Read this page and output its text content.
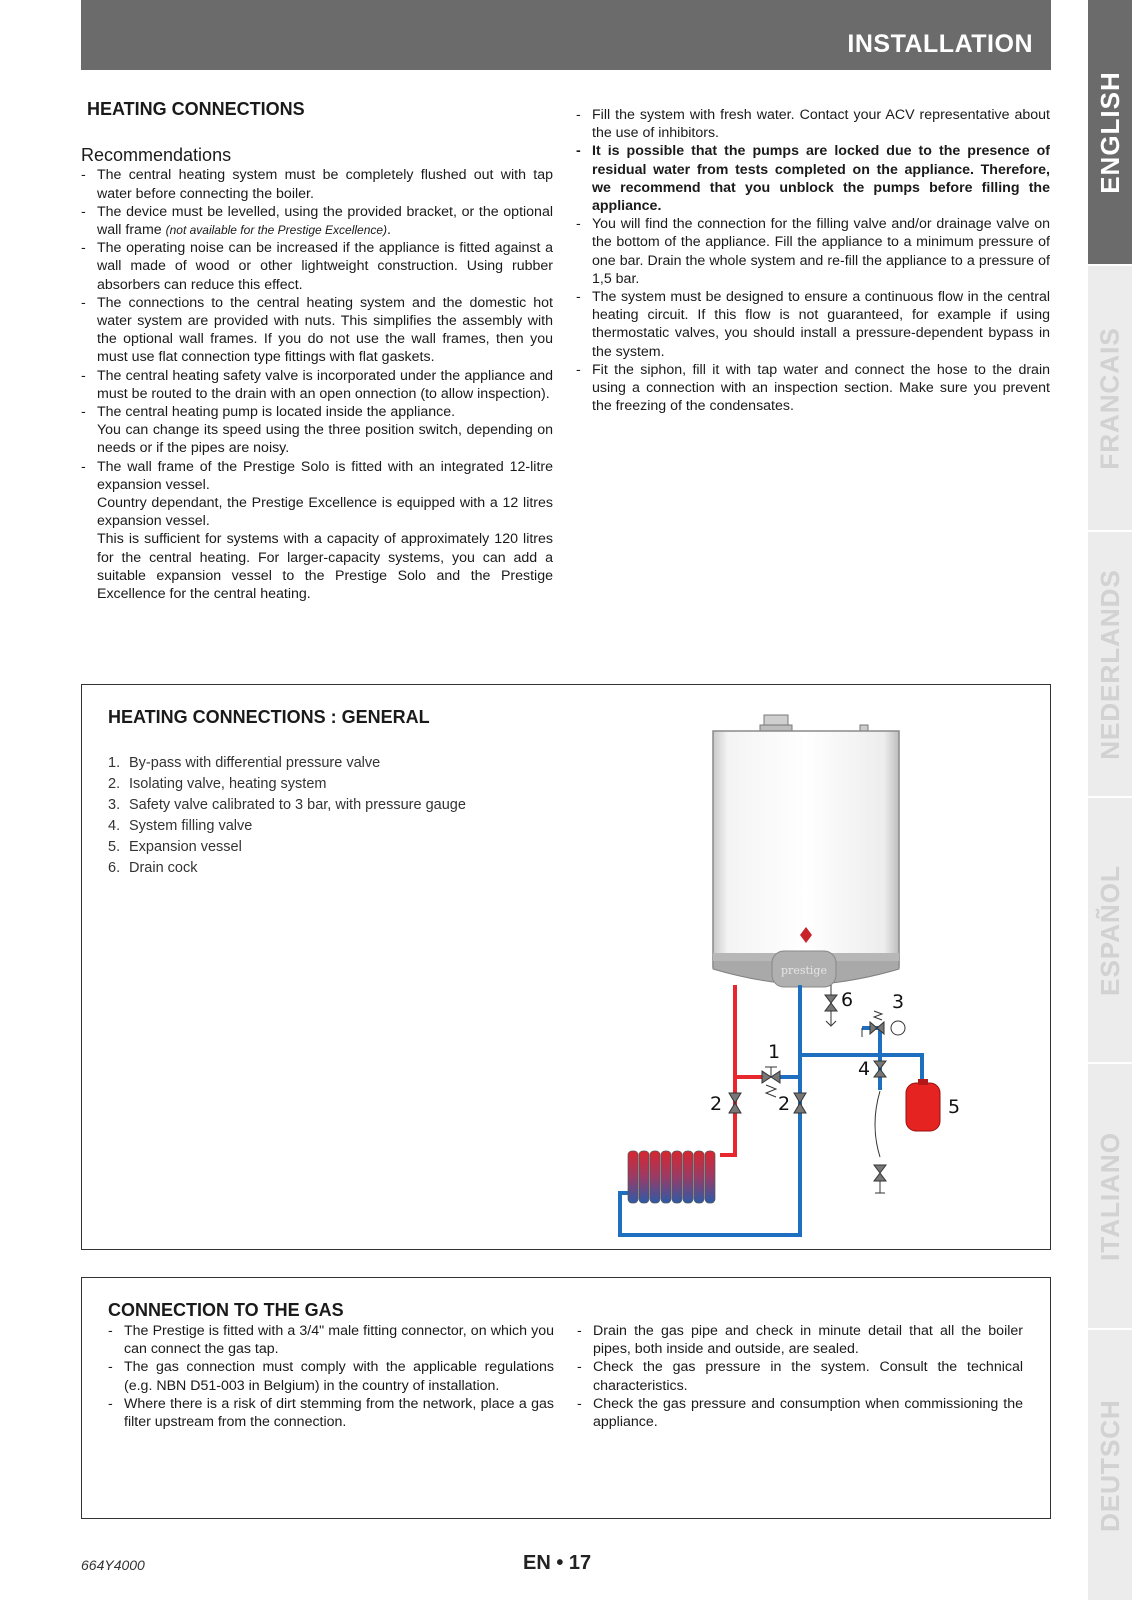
INSTALLATION
ENGLISH
FRANCAIS
NEDERLANDS
ESPAÑOL
ITALIANO
DEUTSCH
HEATING CONNECTIONS
Recommendations
- The central heating system must be completely flushed out with tap water before connecting the boiler.
- The device must be levelled, using the provided bracket, or the optional wall frame (not available for the Prestige Excellence).
- The operating noise can be increased if the appliance is fitted against a wall made of wood or other lightweight construction. Using rubber absorbers can reduce this effect.
- The connections to the central heating system and the domestic hot water system are provided with nuts. This simplifies the assembly with the optional wall frames. If you do not use the wall frames, then you must use flat connection type fittings with flat gaskets.
- The central heating safety valve is incorporated under the appliance and must be routed to the drain with an open onnection (to allow inspection).
- The central heating pump is located inside the appliance.
You can change its speed using the three position switch, depending on needs or if the pipes are noisy.
- The wall frame of the Prestige Solo is fitted with an integrated 12-litre expansion vessel.
Country dependant, the Prestige Excellence is equipped with a 12 litres expansion vessel.
This is sufficient for systems with a capacity of approximately 120 litres for the central heating. For larger-capacity systems, you can add a suitable expansion vessel to the Prestige Solo and the Prestige Excellence for the central heating.
- Fill the system with fresh water. Contact your ACV representative about the use of inhibitors.
- It is possible that the pumps are locked due to the presence of residual water from tests completed on the appliance. Therefore, we recommend that you unblock the pumps before filling the appliance.
- You will find the connection for the filling valve and/or drainage valve on the bottom of the appliance. Fill the appliance to a minimum pressure of one bar. Drain the whole system and re-fill the appliance to a pressure of 1,5 bar.
- The system must be designed to ensure a continuous flow in the central heating circuit. If this flow is not guaranteed, for example if using thermostatic valves, you should install a pressure-dependent bypass in the system.
- Fit the siphon, fill it with tap water and connect the hose to the drain using a connection with an inspection section. Make sure you prevent the freezing of the condensates.
HEATING CONNECTIONS : GENERAL
1. By-pass with differential pressure valve
2. Isolating valve, heating system
3. Safety valve calibrated to 3 bar, with pressure gauge
4. System filling valve
5. Expansion vessel
6. Drain cock
prestige
1
2	2
3
4
5
6
CONNECTION TO THE GAS
- The Prestige is fitted with a 3/4" male fitting connector, on which you can connect the gas tap.
- The gas connection must comply with the applicable regulations (e.g. NBN D51-003 in Belgium) in the country of installation.
- Where there is a risk of dirt stemming from the network, place a gas filter upstream from the connection.
- Drain the gas pipe and check in minute detail that all the boiler pipes, both inside and outside, are sealed.
- Check the gas pressure in the system. Consult the technical characteristics.
- Check the gas pressure and consumption when commissioning the appliance.
664Y4000	EN • 17
